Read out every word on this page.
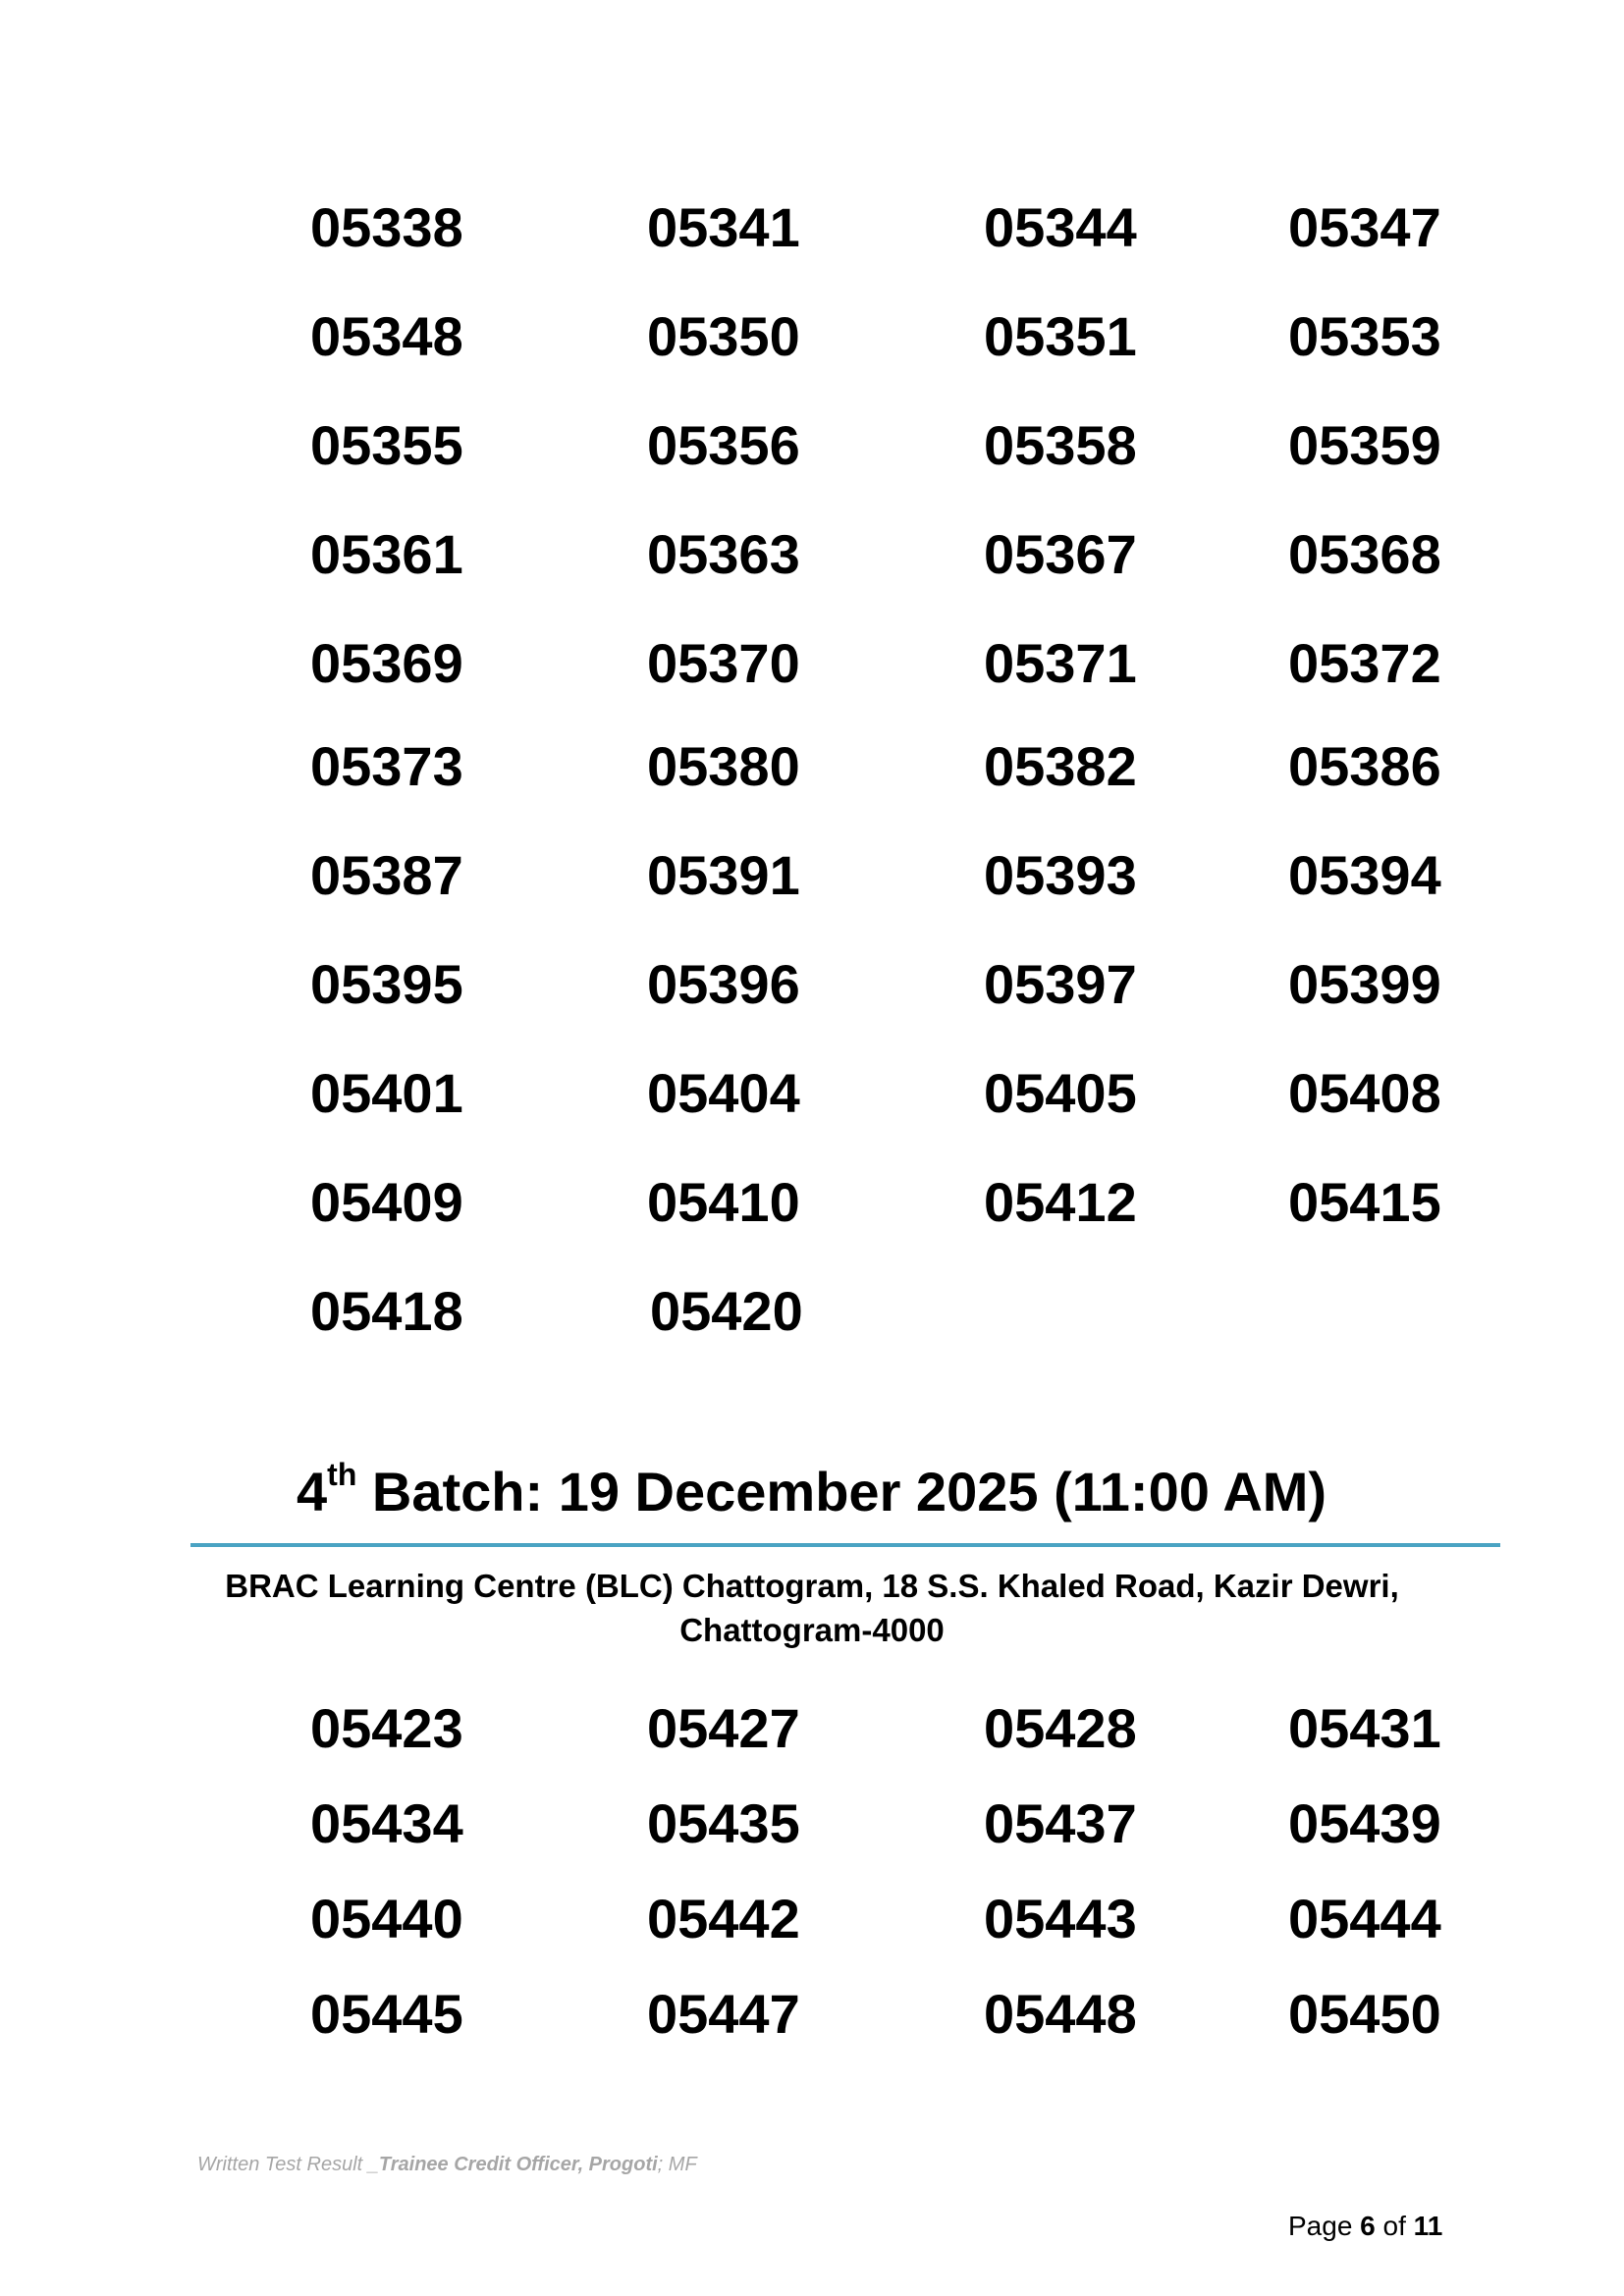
05338	05341	05344	05347
05348	05350	05351	05353
05355	05356	05358	05359
05361	05363	05367	05368
05369	05370	05371	05372
05373	05380	05382	05386
05387	05391	05393	05394
05395	05396	05397	05399
05401	05404	05405	05408
05409	05410	05412	05415
05418	05420
4th Batch: 19 December 2025 (11:00 AM)
BRAC Learning Centre (BLC) Chattogram, 18 S.S. Khaled Road, Kazir Dewri,
Chattogram-4000
05423	05427	05428	05431
05434	05435	05437	05439
05440	05442	05443	05444
05445	05447	05448	05450
Written Test Result _Trainee Credit Officer, Progoti; MF
Page 6 of 11
